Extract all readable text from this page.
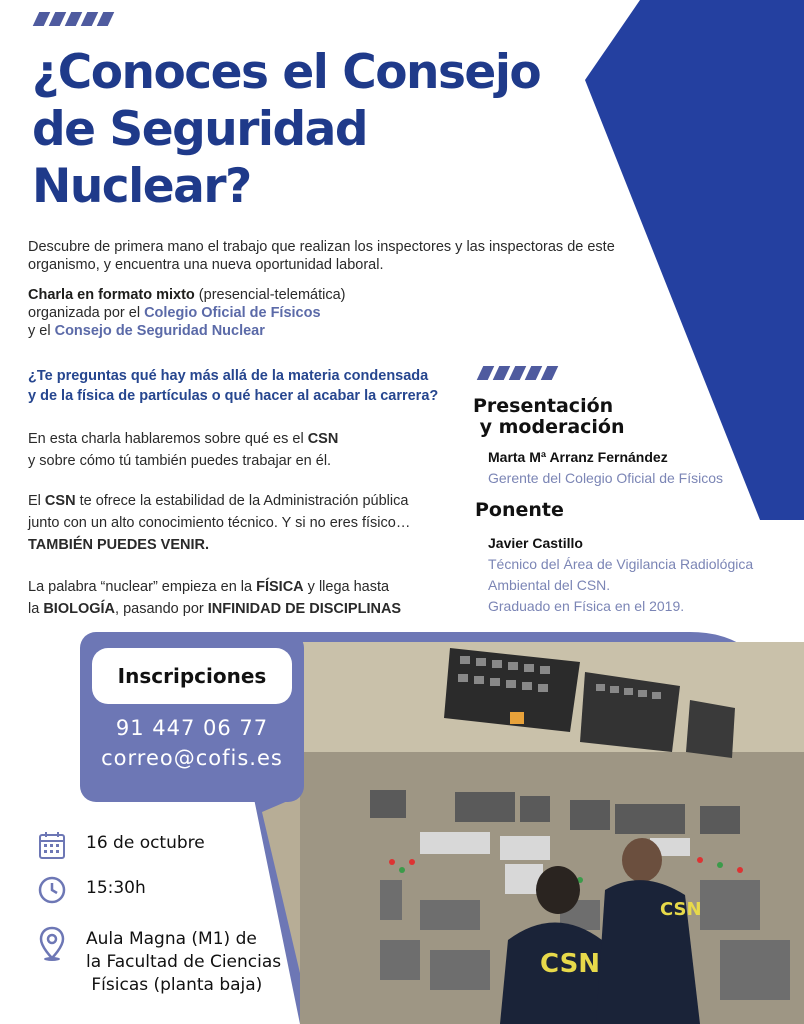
CSN
CSN
¿Conoces el Consejo de Seguridad Nuclear?
Descubre de primera mano el trabajo que realizan los inspectores y las inspectoras de este organismo, y encuentra una nueva oportunidad laboral.
Charla en formato mixto (presencial-telemática)
organizada por el Colegio Oficial de Físicos
y el Consejo de Seguridad Nuclear
¿Te preguntas qué hay más allá de la materia condensada
y de la física de partículas o qué hacer al acabar la carrera?
En esta charla hablaremos sobre qué es el CSN
y sobre cómo tú también puedes trabajar en él.
El CSN te ofrece la estabilidad de la Administración pública
junto con un alto conocimiento técnico. Y si no eres físico…
TAMBIÉN PUEDES VENIR.
La palabra “nuclear” empieza en la FÍSICA y llega hasta
la BIOLOGÍA, pasando por INFINIDAD DE DISCIPLINAS
Presentación
y moderación
Marta Mª Arranz Fernández
Gerente del Colegio Oficial de Físicos
Ponente
Javier Castillo
Técnico del Área de Vigilancia Radiológica
Ambiental del CSN.
Graduado en Física en el 2019.
Inscripciones
91 447 06 77
correo@cofis.es
16 de octubre
15:30h
Aula Magna (M1) de
la Facultad de Ciencias
Físicas (planta baja)
